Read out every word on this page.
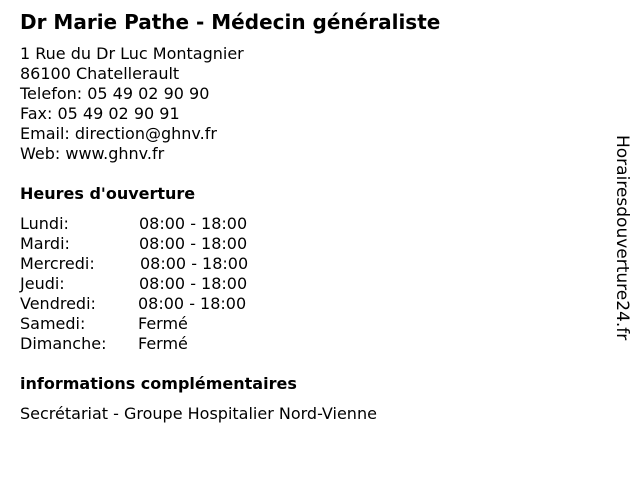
Dr Marie Pathe - Médecin généraliste
1 Rue du Dr Luc Montagnier
86100 Chatellerault
Telefon: 05 49 02 90 90
Fax: 05 49 02 90 91
Email: direction@ghnv.fr
Web: www.ghnv.fr
Heures d'ouverture
Lundi:	08:00 - 18:00
Mardi:	08:00 - 18:00
Mercredi:	08:00 - 18:00
Jeudi:	08:00 - 18:00
Vendredi:	08:00 - 18:00
Samedi:	Fermé
Dimanche: Fermé
informations complémentaires
Secrétariat - Groupe Hospitalier Nord-Vienne
Horairesdouverture24.fr
